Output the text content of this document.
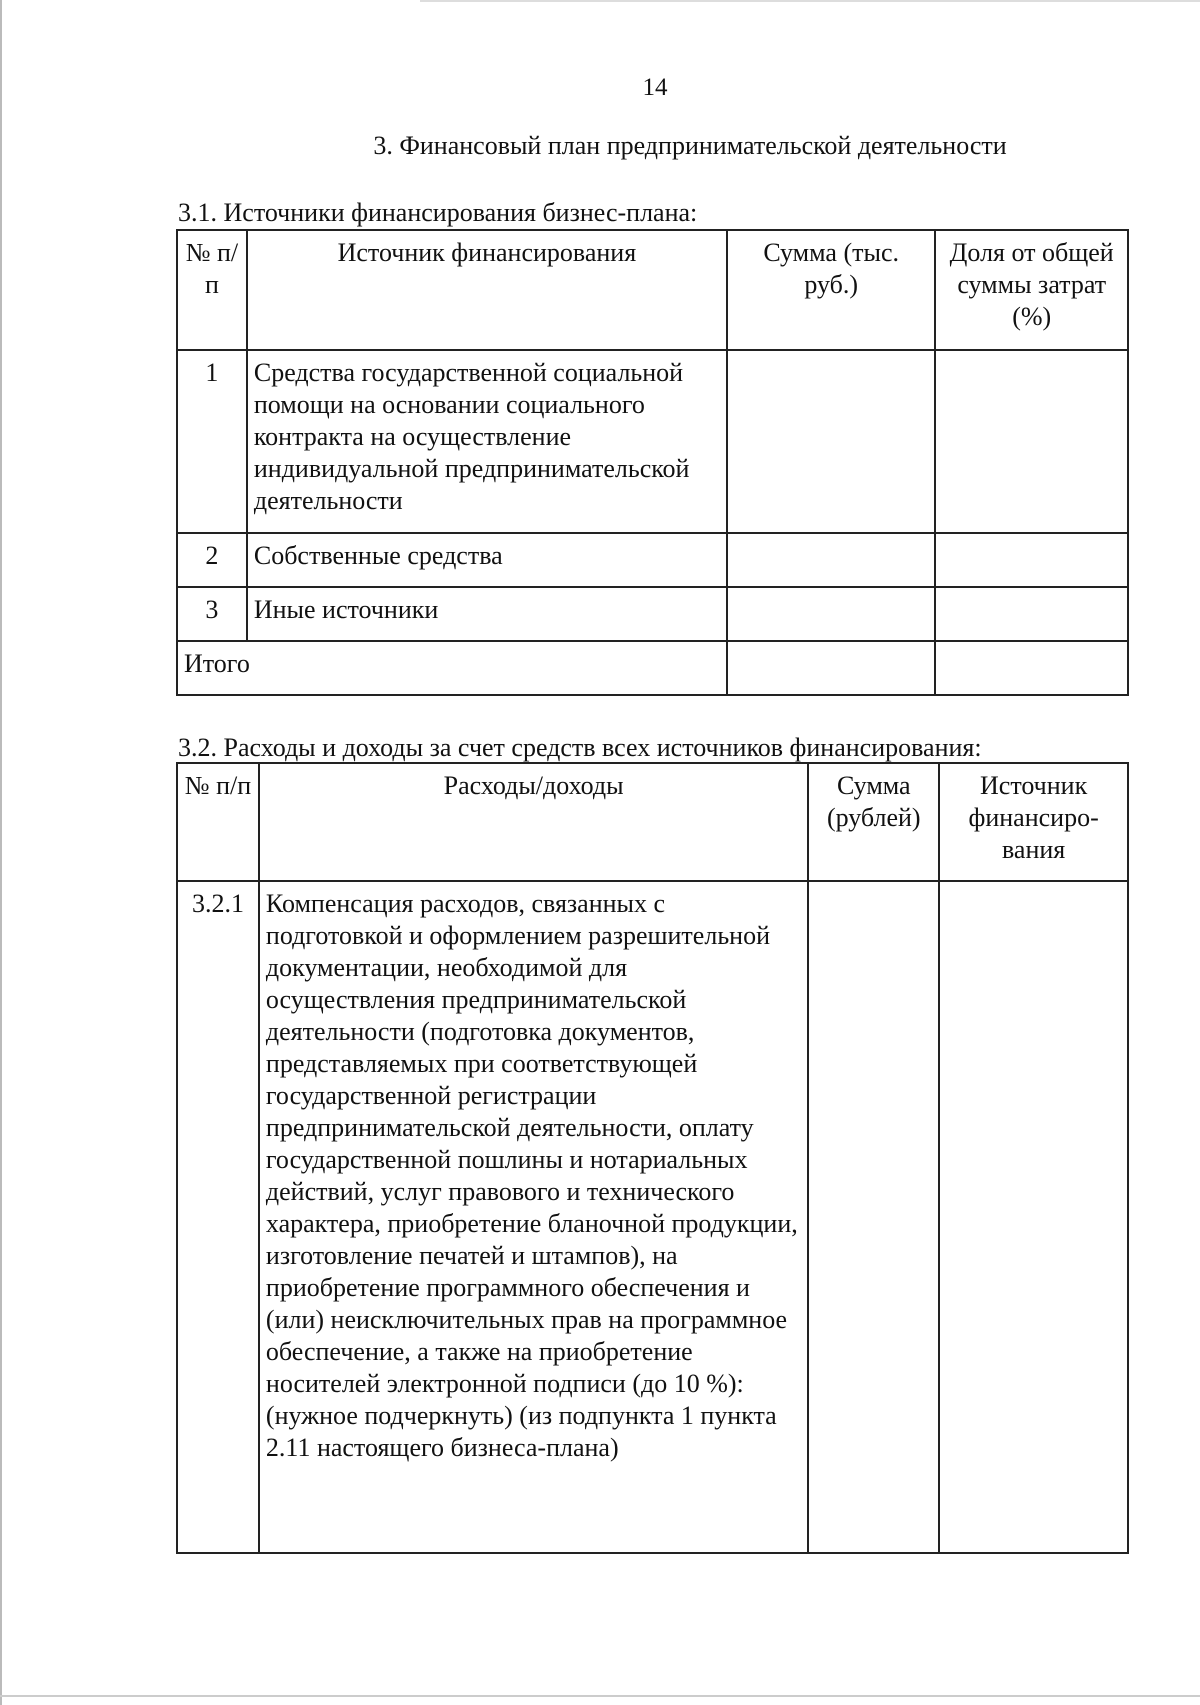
14
3. Финансовый план предпринимательской деятельности
3.1. Источники финансирования бизнес-плана:
№ п/п	Источник финансирования	Сумма (тыс. руб.)	Доля от общей суммы затрат (%)
1	Средства государственной социальной помощи на основании социального контракта на осуществление индивидуальной предпринимательской деятельности		
2	Собственные средства		
3	Иные источники		
Итого			
3.2. Расходы и доходы за счет средств всех источников финансирования:
№ п/п	Расходы/доходы	Сумма (рублей)	Источник финансиро-вания
3.2.1	Компенсация расходов, связанных с подготовкой и оформлением разрешительной документации, необходимой для осуществления предпринимательской деятельности (подготовка документов, представляемых при соответствующей государственной регистрации предпринимательской деятельности, оплату государственной пошлины и нотариальных действий, услуг правового и технического характера, приобретение бланочной продукции, изготовление печатей и штампов), на приобретение программного обеспечения и (или) неисключительных прав на программное обеспечение, а также на приобретение носителей электронной подписи (до 10 %): (нужное подчеркнуть) (из подпункта 1 пункта 2.11 настоящего бизнеса-плана)		
